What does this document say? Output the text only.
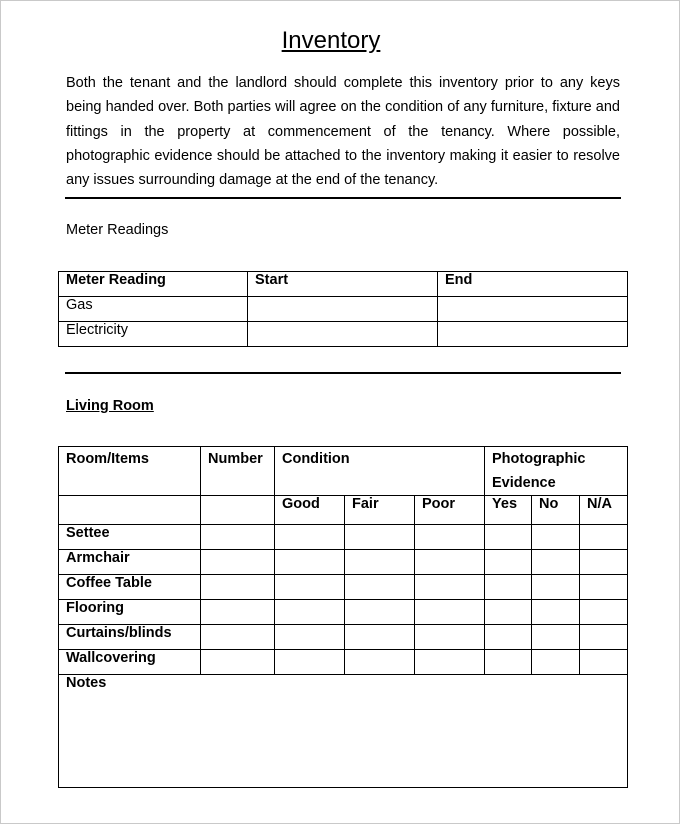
Inventory
Both the tenant and the landlord should complete this inventory prior to any keys being handed over. Both parties will agree on the condition of any furniture, fixture and fittings in the property at commencement of the tenancy. Where possible, photographic evidence should be attached to the inventory making it easier to resolve any issues surrounding damage at the end of the tenancy.
Meter Readings
Meter Reading	Start	End
Gas		
Electricity		
Living Room
Room/Items	Number	Condition			Photographic Evidence		
		Good	Fair	Poor	Yes	No	N/A
Settee							
Armchair							
Coffee Table							
Flooring							
Curtains/blinds							
Wallcovering							
Notes							
